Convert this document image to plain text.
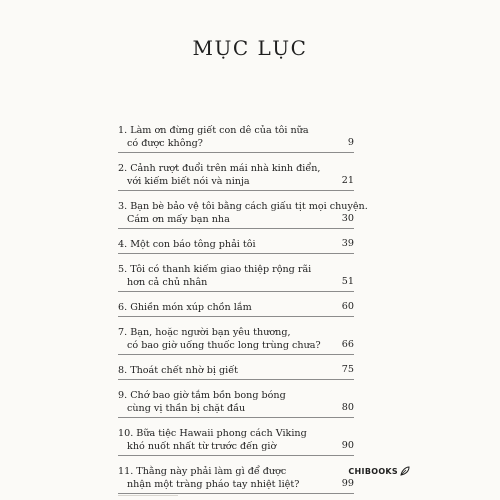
MỤC LỤC
1. Làm ơn đừng giết con dê của tôi nữa
có được không?	9
2. Cảnh rượt đuổi trên mái nhà kinh điển,
với kiếm biết nói và ninja	21
3. Bạn bè bảo vệ tôi bằng cách giấu tịt mọi chuyện.
Cám ơn mấy bạn nha	30
4. Một con báo tông phải tôi	39
5. Tôi có thanh kiếm giao thiệp rộng rãi
hơn cả chủ nhân	51
6. Ghiền món xúp chồn lắm	60
7. Bạn, hoặc người bạn yêu thương,
có bao giờ uống thuốc long trùng chưa?	66
8. Thoát chết nhờ bị giết	75
9. Chớ bao giờ tắm bồn bong bóng
cùng vị thần bị chặt đầu	80
10. Bữa tiệc Hawaii phong cách Viking
khó nuốt nhất từ trước đến giờ	90
11. Thằng này phải làm gì để được
nhận một tràng pháo tay nhiệt liệt?	99
CHIBOOKS
